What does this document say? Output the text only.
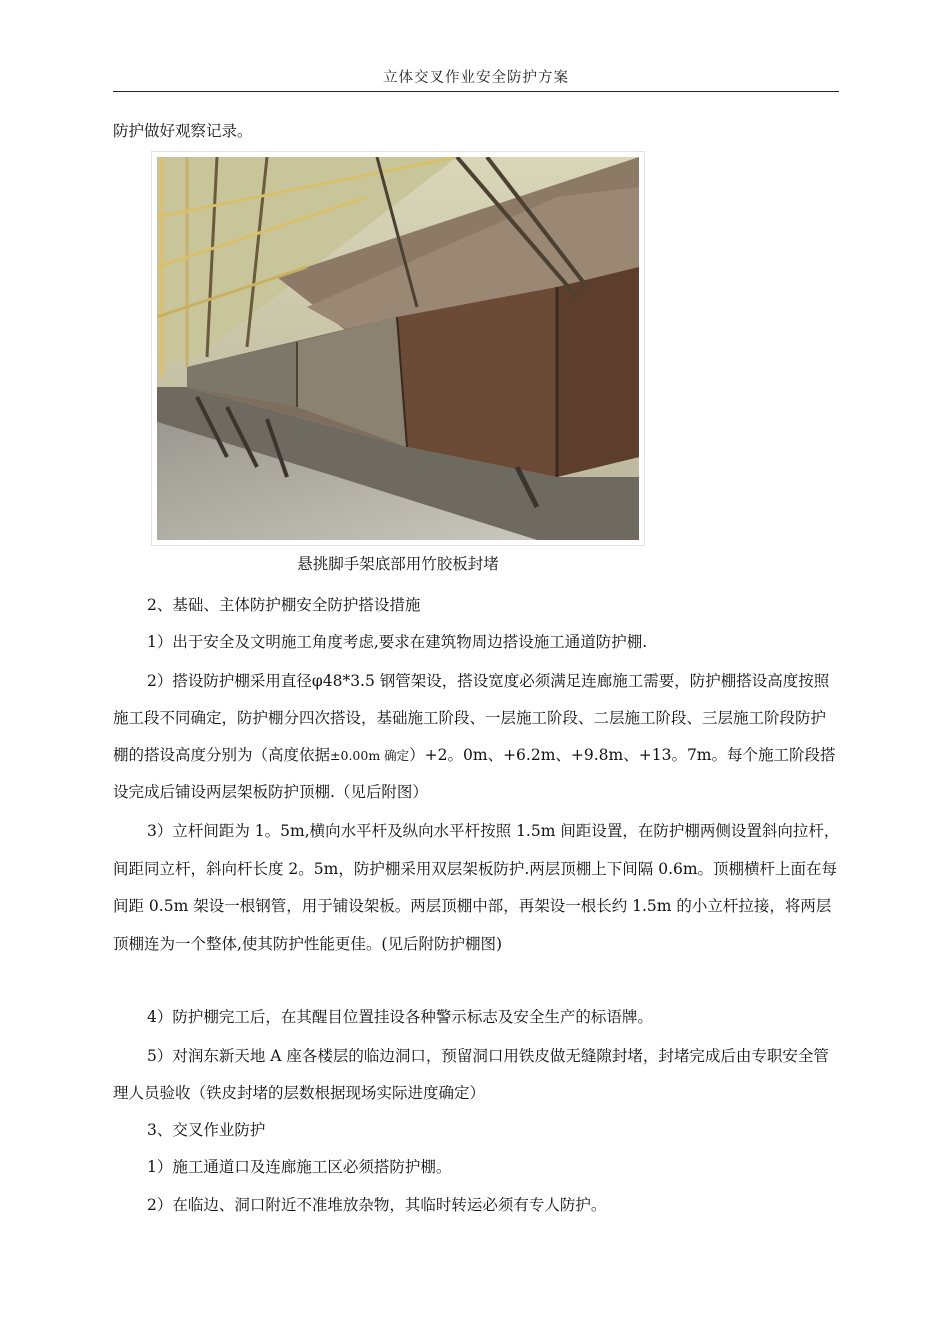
立体交叉作业安全防护方案

防护做好观察记录。

悬挑脚手架底部用竹胶板封堵

2、基础、主体防护棚安全防护搭设措施

1）出于安全及文明施工角度考虑,要求在建筑物周边搭设施工通道防护棚.

2）搭设防护棚采用直径φ48*3.5 钢管架设，搭设宽度必须满足连廊施工需要，防护棚搭设高度按照施工段不同确定，防护棚分四次搭设，基础施工阶段、一层施工阶段、二层施工阶段、三层施工阶段防护棚的搭设高度分别为（高度依据±0.00m 确定）+2。0m、+6.2m、+9.8m、+13。7m。每个施工阶段搭设完成后铺设两层架板防护顶棚.（见后附图）

3）立杆间距为 1。5m,横向水平杆及纵向水平杆按照 1.5m 间距设置，在防护棚两侧设置斜向拉杆，间距同立杆，斜向杆长度 2。5m，防护棚采用双层架板防护.两层顶棚上下间隔 0.6m。顶棚横杆上面在每间距 0.5m 架设一根钢管，用于铺设架板。两层顶棚中部，再架设一根长约 1.5m 的小立杆拉接，将两层顶棚连为一个整体,使其防护性能更佳。(见后附防护棚图)

4）防护棚完工后，在其醒目位置挂设各种警示标志及安全生产的标语牌。

5）对润东新天地 A 座各楼层的临边洞口，预留洞口用铁皮做无缝隙封堵，封堵完成后由专职安全管理人员验收（铁皮封堵的层数根据现场实际进度确定）

3、交叉作业防护

1）施工通道口及连廊施工区必须搭防护棚。

2）在临边、洞口附近不准堆放杂物，其临时转运必须有专人防护。
